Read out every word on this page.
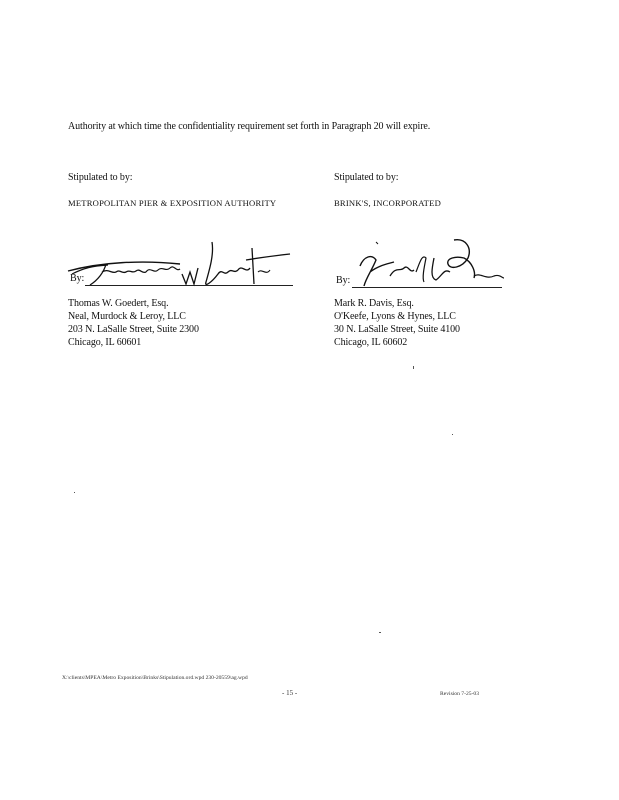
Authority at which time the confidentiality requirement set forth in Paragraph 20 will expire.
Stipulated to by:
METROPOLITAN PIER & EXPOSITION AUTHORITY
By:
Thomas W. Goedert, Esq.
Neal, Murdock & Leroy, LLC
203 N. LaSalle Street, Suite 2300
Chicago, IL 60601
Stipulated to by:
BRINK'S, INCORPORATED
By:
Mark R. Davis, Esq.
O'Keefe, Lyons & Hynes, LLC
30 N. LaSalle Street, Suite 4100
Chicago, IL 60602
X:\clients\MPEA\Metro Exposition\Brinks\Stipulation.ord.wpd 230-20559\ag.wpd
- 15 -	Revision 7-25-03
